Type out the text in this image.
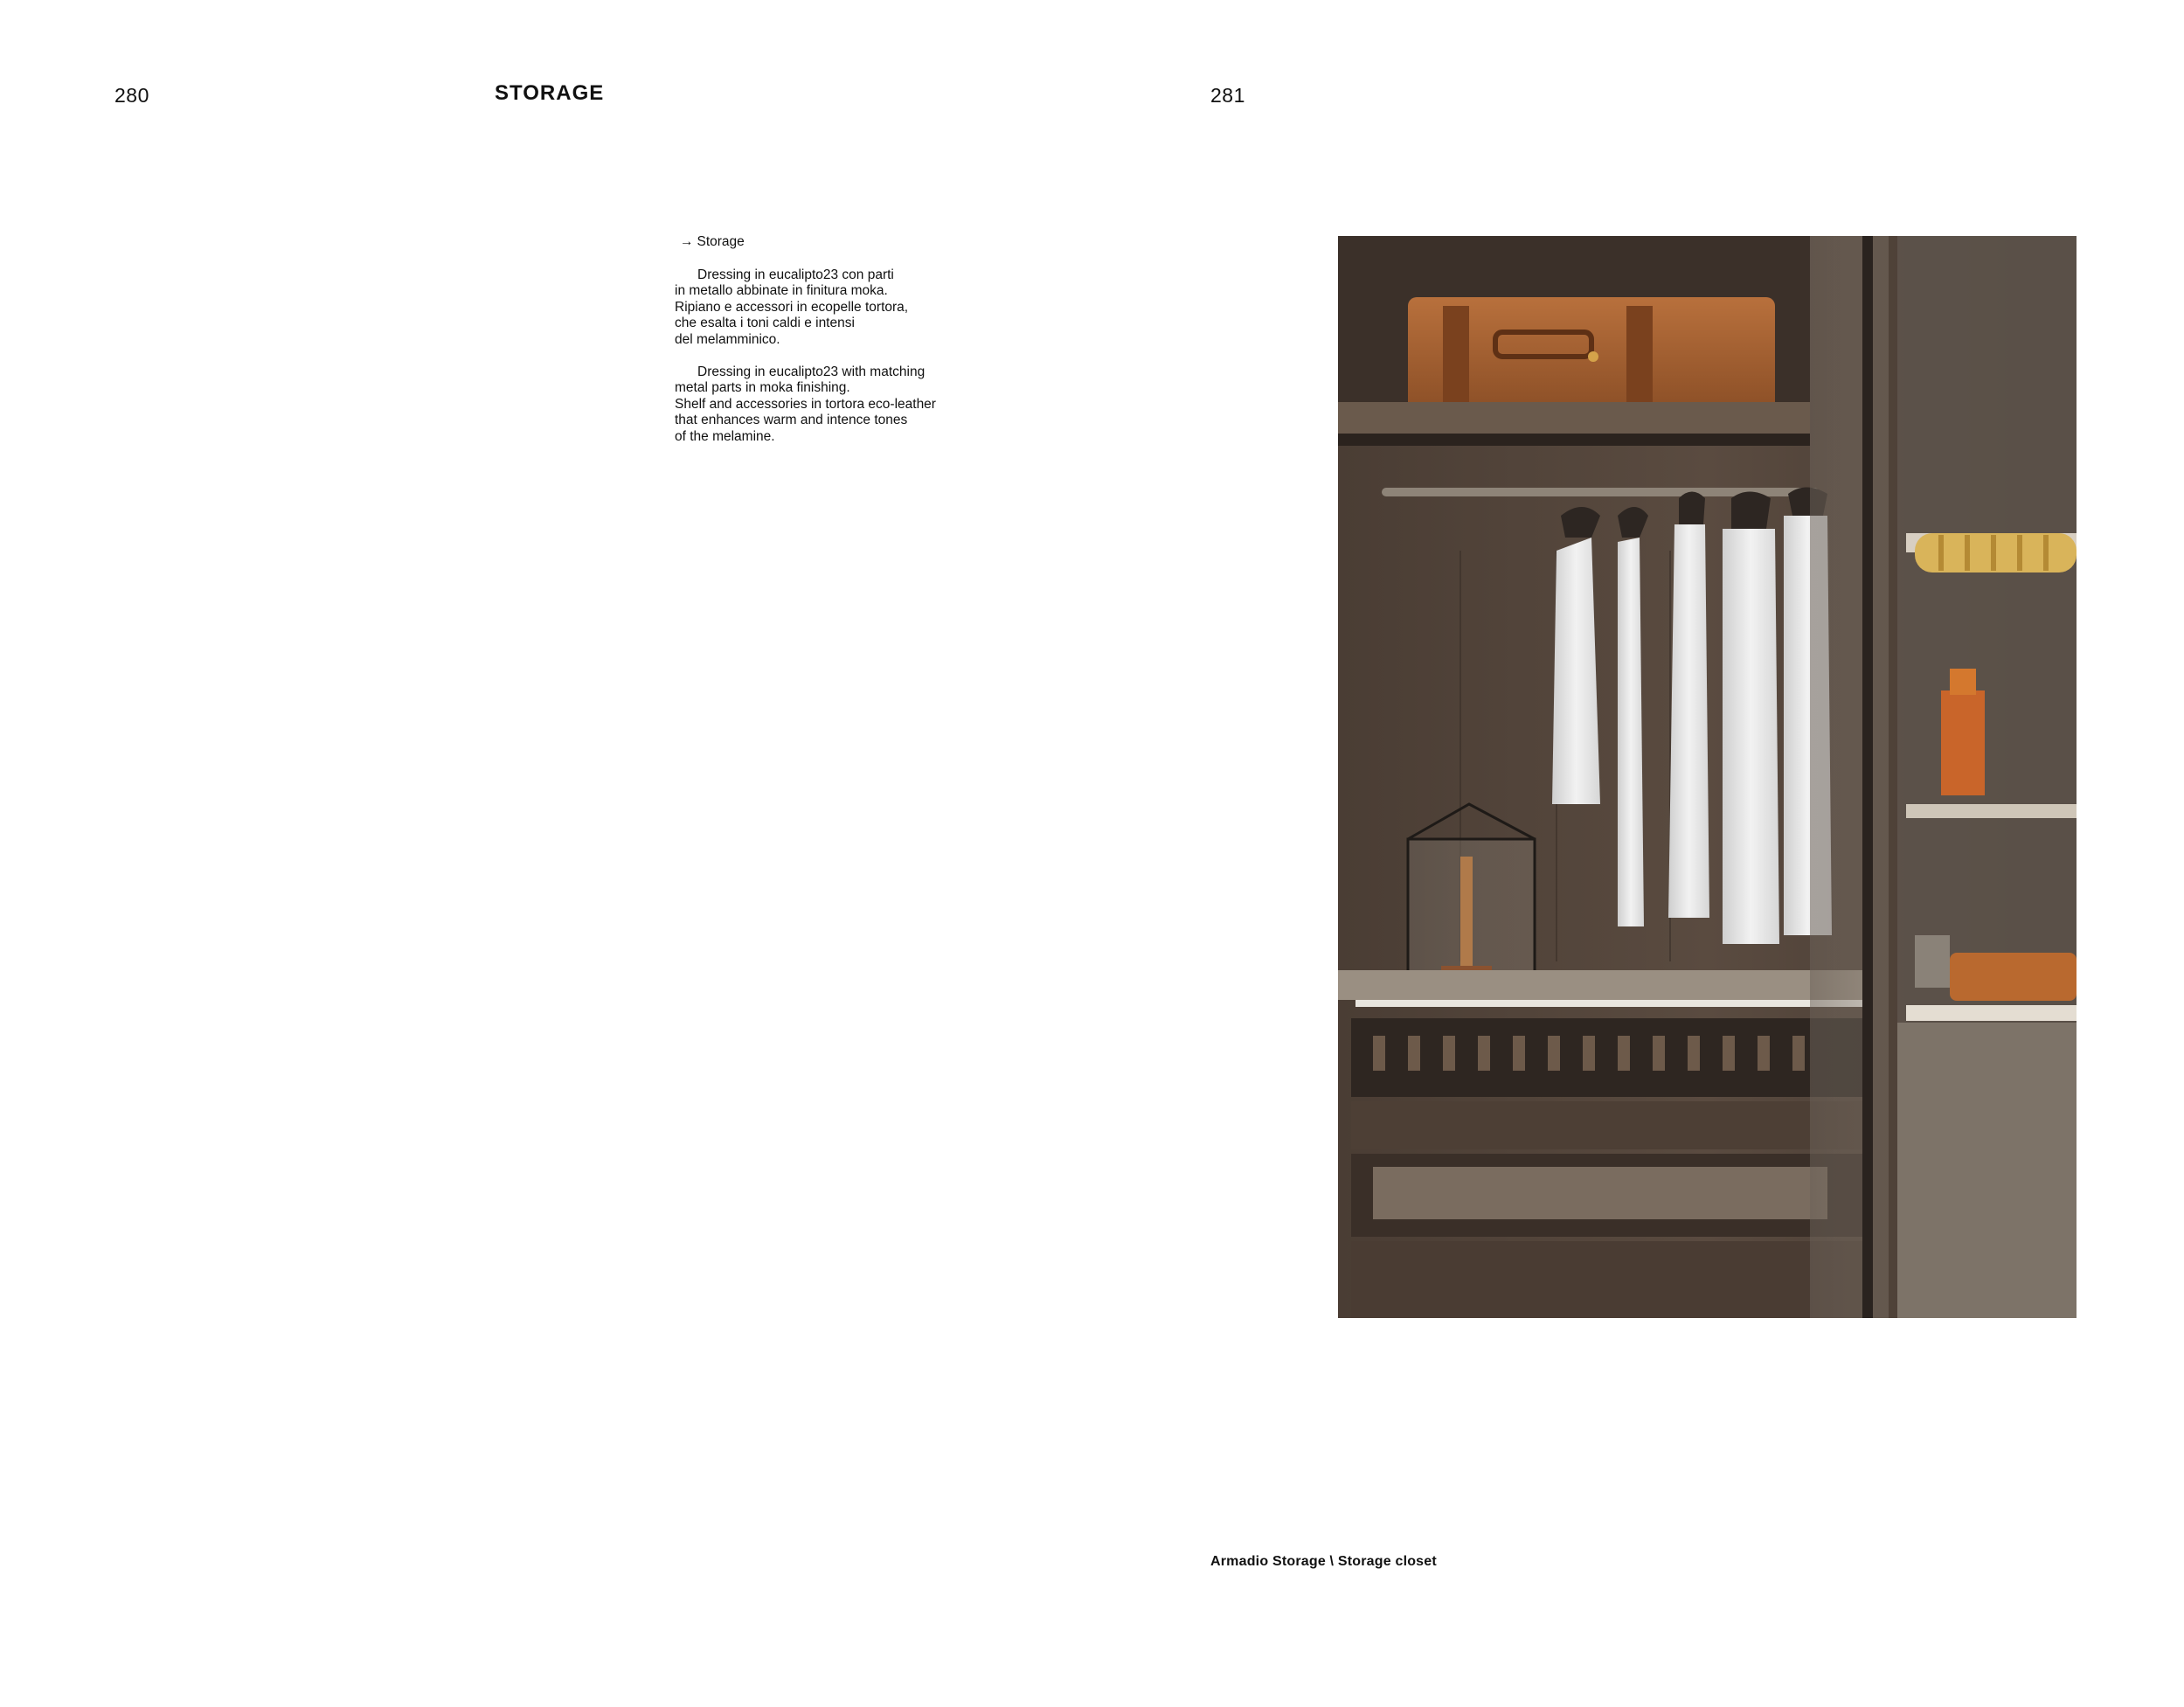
280	STORAGE
→ Storage

Dressing in eucalipto23 con parti
in metallo abbinate in finitura moka.
Ripiano e accessori in ecopelle tortora,
che esalta i toni caldi e intensi
del melamminico.

Dressing in eucalipto23 with matching
metal parts in moka finishing.
Shelf and accessories in tortora eco-leather
that enhances warm and intence tones
of the melamine.

281
Armadio Storage \ Storage closet
